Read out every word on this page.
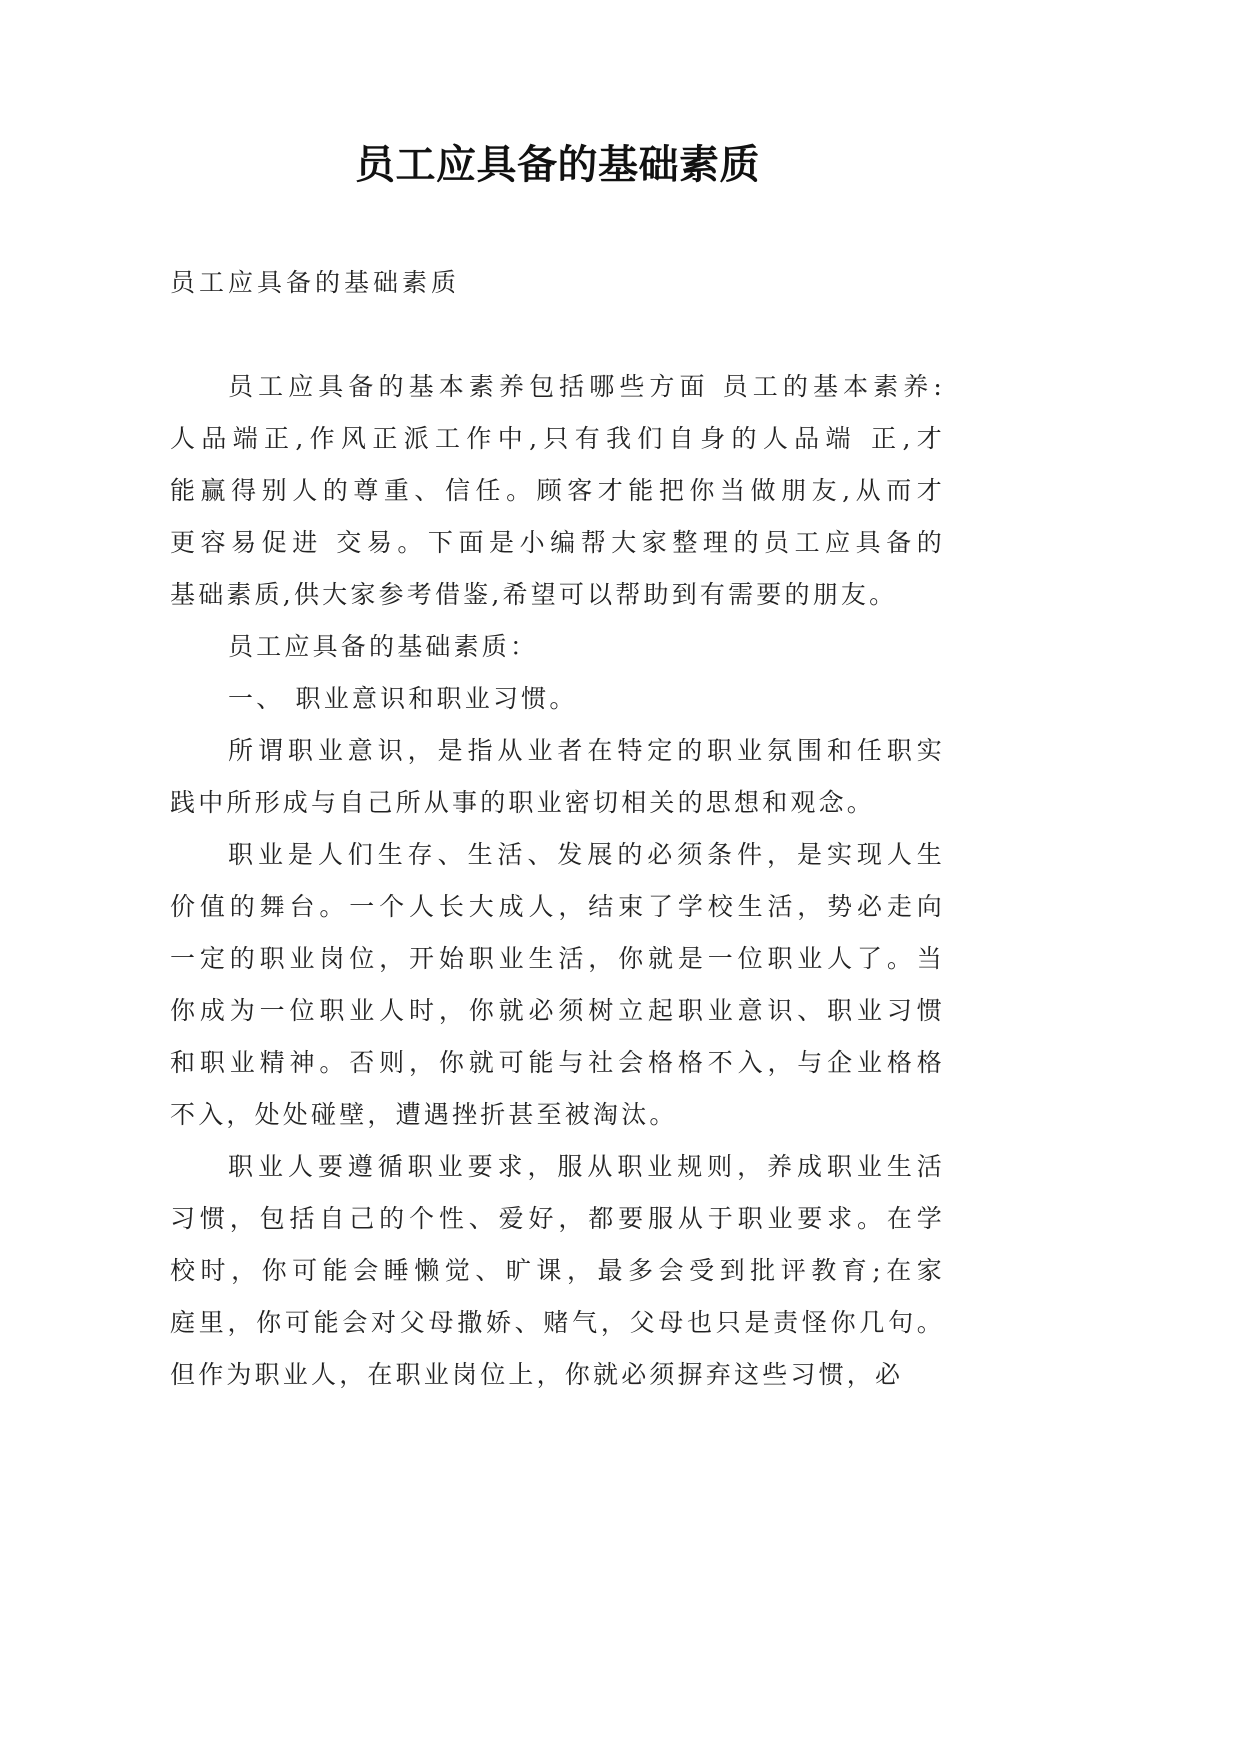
员工应具备的基础素质
员工应具备的基础素质
员工应具备的基本素养包括哪些方面 员工的基本素养:
人品端正,作风正派工作中,只有我们自身的人品端 正,才
能赢得别人的尊重、信任。顾客才能把你当做朋友,从而才
更容易促进 交易。下面是小编帮大家整理的员工应具备的
基础素质,供大家参考借鉴,希望可以帮助到有需要的朋友。
员工应具备的基础素质：
一、 职业意识和职业习惯。
所谓职业意识，是指从业者在特定的职业氛围和任职实
践中所形成与自己所从事的职业密切相关的思想和观念。
职业是人们生存、生活、发展的必须条件，是实现人生
价值的舞台。一个人长大成人，结束了学校生活，势必走向
一定的职业岗位，开始职业生活，你就是一位职业人了。当
你成为一位职业人时，你就必须树立起职业意识、职业习惯
和职业精神。否则，你就可能与社会格格不入，与企业格格
不入，处处碰壁，遭遇挫折甚至被淘汰。
职业人要遵循职业要求，服从职业规则，养成职业生活
习惯，包括自己的个性、爱好，都要服从于职业要求。在学
校时，你可能会睡懒觉、旷课，最多会受到批评教育;在家
庭里，你可能会对父母撒娇、赌气，父母也只是责怪你几句。
但作为职业人，在职业岗位上，你就必须摒弃这些习惯，必
